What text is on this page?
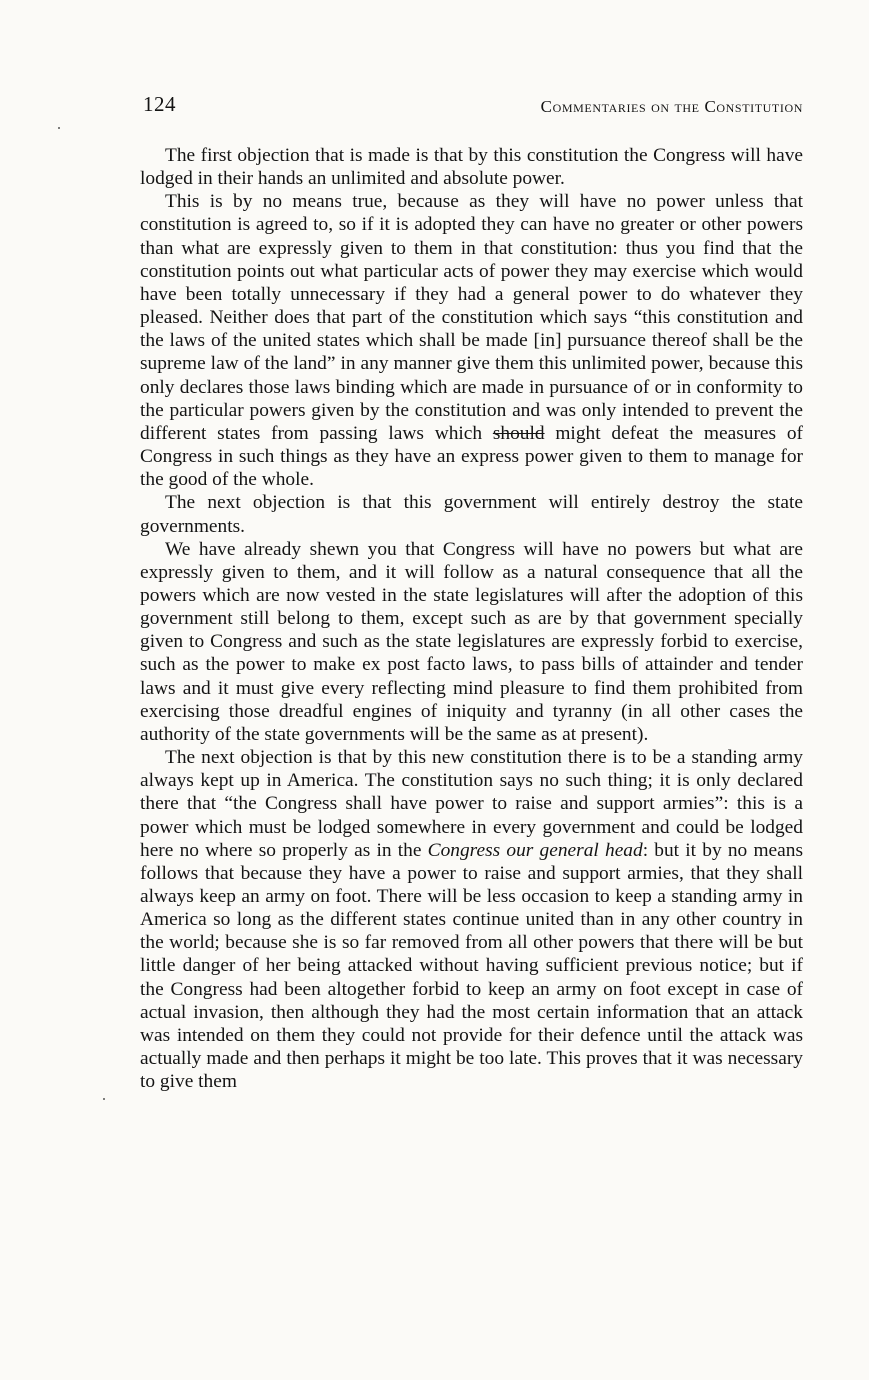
124	Commentaries on the Constitution

The first objection that is made is that by this constitution the Congress will have lodged in their hands an unlimited and absolute power.

This is by no means true, because as they will have no power unless that constitution is agreed to, so if it is adopted they can have no greater or other powers than what are expressly given to them in that constitution: thus you find that the constitution points out what particular acts of power they may exercise which would have been totally unnecessary if they had a general power to do whatever they pleased. Neither does that part of the constitution which says “this constitution and the laws of the united states which shall be made [in] pursuance thereof shall be the supreme law of the land” in any manner give them this unlimited power, because this only declares those laws binding which are made in pursuance of or in conformity to the particular powers given by the constitution and was only intended to prevent the different states from passing laws which should might defeat the measures of Congress in such things as they have an express power given to them to manage for the good of the whole.

The next objection is that this government will entirely destroy the state governments.

We have already shewn you that Congress will have no powers but what are expressly given to them, and it will follow as a natural consequence that all the powers which are now vested in the state legislatures will after the adoption of this government still belong to them, except such as are by that government specially given to Congress and such as the state legislatures are expressly forbid to exercise, such as the power to make ex post facto laws, to pass bills of attainder and tender laws and it must give every reflecting mind pleasure to find them prohibited from exercising those dreadful engines of iniquity and tyranny (in all other cases the authority of the state governments will be the same as at present).

The next objection is that by this new constitution there is to be a standing army always kept up in America. The constitution says no such thing; it is only declared there that “the Congress shall have power to raise and support armies”: this is a power which must be lodged somewhere in every government and could be lodged here no where so properly as in the Congress our general head: but it by no means follows that because they have a power to raise and support armies, that they shall always keep an army on foot. There will be less occasion to keep a standing army in America so long as the different states continue united than in any other country in the world; because she is so far removed from all other powers that there will be but little danger of her being attacked without having sufficient previous notice; but if the Congress had been altogether forbid to keep an army on foot except in case of actual invasion, then although they had the most certain information that an attack was intended on them they could not provide for their defence until the attack was actually made and then perhaps it might be too late. This proves that it was necessary to give them
